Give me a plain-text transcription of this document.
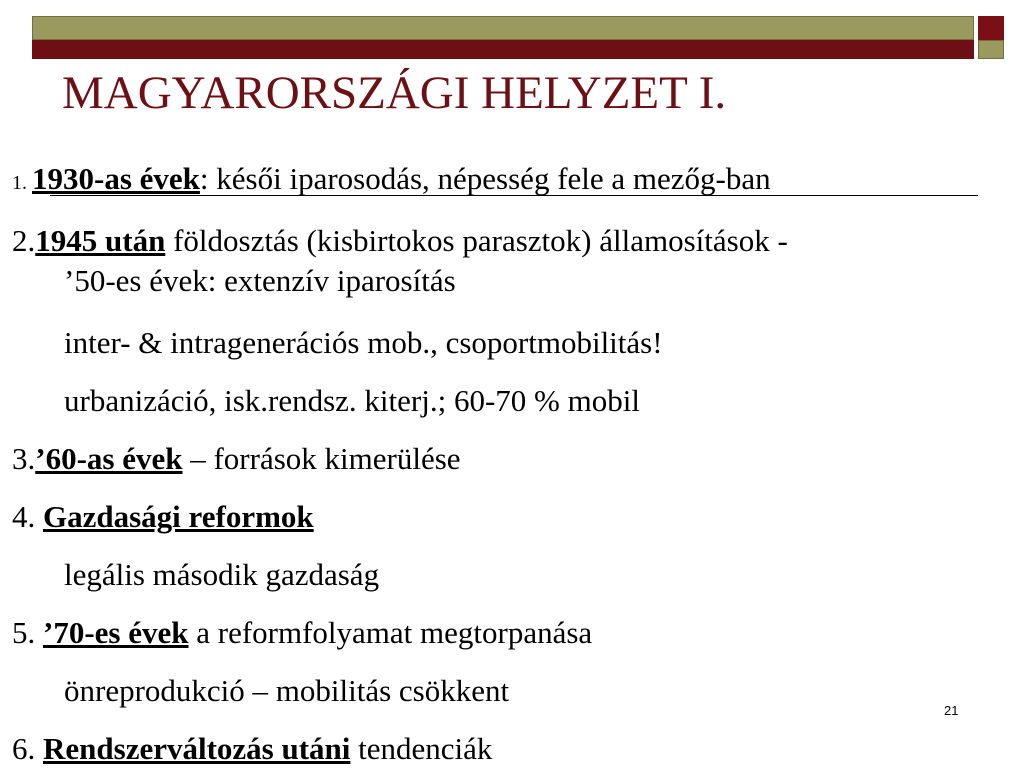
MAGYARORSZÁGI HELYZET I.
1. 1930-as évek: késői iparosodás, népesség fele a mezőg-ban
2.1945 után földosztás (kisbirtokos parasztok) államosítások -
’50-es évek: extenzív iparosítás
inter- & intragenerációs mob., csoportmobilitás!
urbanizáció, isk.rendsz. kiterj.; 60-70 % mobil
3.’60-as évek – források kimerülése
4. Gazdasági reformok
legális második gazdaság
5. ’70-es évek a reformfolyamat megtorpanása
önreprodukció – mobilitás csökkent
6. Rendszerváltozás utáni tendenciák
21
